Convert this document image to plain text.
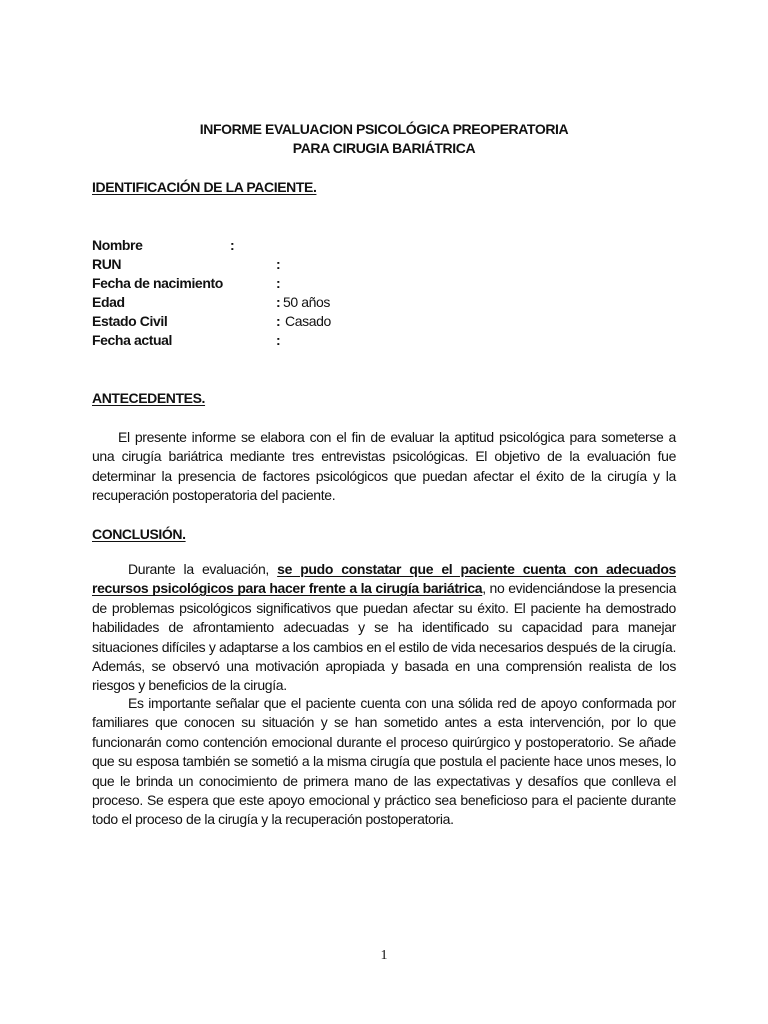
INFORME EVALUACION PSICOLÓGICA PREOPERATORIA
PARA CIRUGIA BARIÁTRICA
IDENTIFICACIÓN DE LA PACIENTE.
Nombre	:
RUN	:
Fecha de nacimiento	:
Edad	: 50 años
Estado Civil	: Casado
Fecha actual	:
ANTECEDENTES.

El presente informe se elabora con el fin de evaluar la aptitud psicológica para someterse a una cirugía bariátrica mediante tres entrevistas psicológicas. El objetivo de la evaluación fue determinar la presencia de factores psicológicos que puedan afectar el éxito de la cirugía y la recuperación postoperatoria del paciente.

CONCLUSIÓN.

Durante la evaluación, se pudo constatar que el paciente cuenta con adecuados recursos psicológicos para hacer frente a la cirugía bariátrica, no evidenciándose la presencia de problemas psicológicos significativos que puedan afectar su éxito. El paciente ha demostrado habilidades de afrontamiento adecuadas y se ha identificado su capacidad para manejar situaciones difíciles y adaptarse a los cambios en el estilo de vida necesarios después de la cirugía. Además, se observó una motivación apropiada y basada en una comprensión realista de los riesgos y beneficios de la cirugía.

Es importante señalar que el paciente cuenta con una sólida red de apoyo conformada por familiares que conocen su situación y se han sometido antes a esta intervención, por lo que funcionarán como contención emocional durante el proceso quirúrgico y postoperatorio. Se añade que su esposa también se sometió a la misma cirugía que postula el paciente hace unos meses, lo que le brinda un conocimiento de primera mano de las expectativas y desafíos que conlleva el proceso. Se espera que este apoyo emocional y práctico sea beneficioso para el paciente durante todo el proceso de la cirugía y la recuperación postoperatoria.

1
